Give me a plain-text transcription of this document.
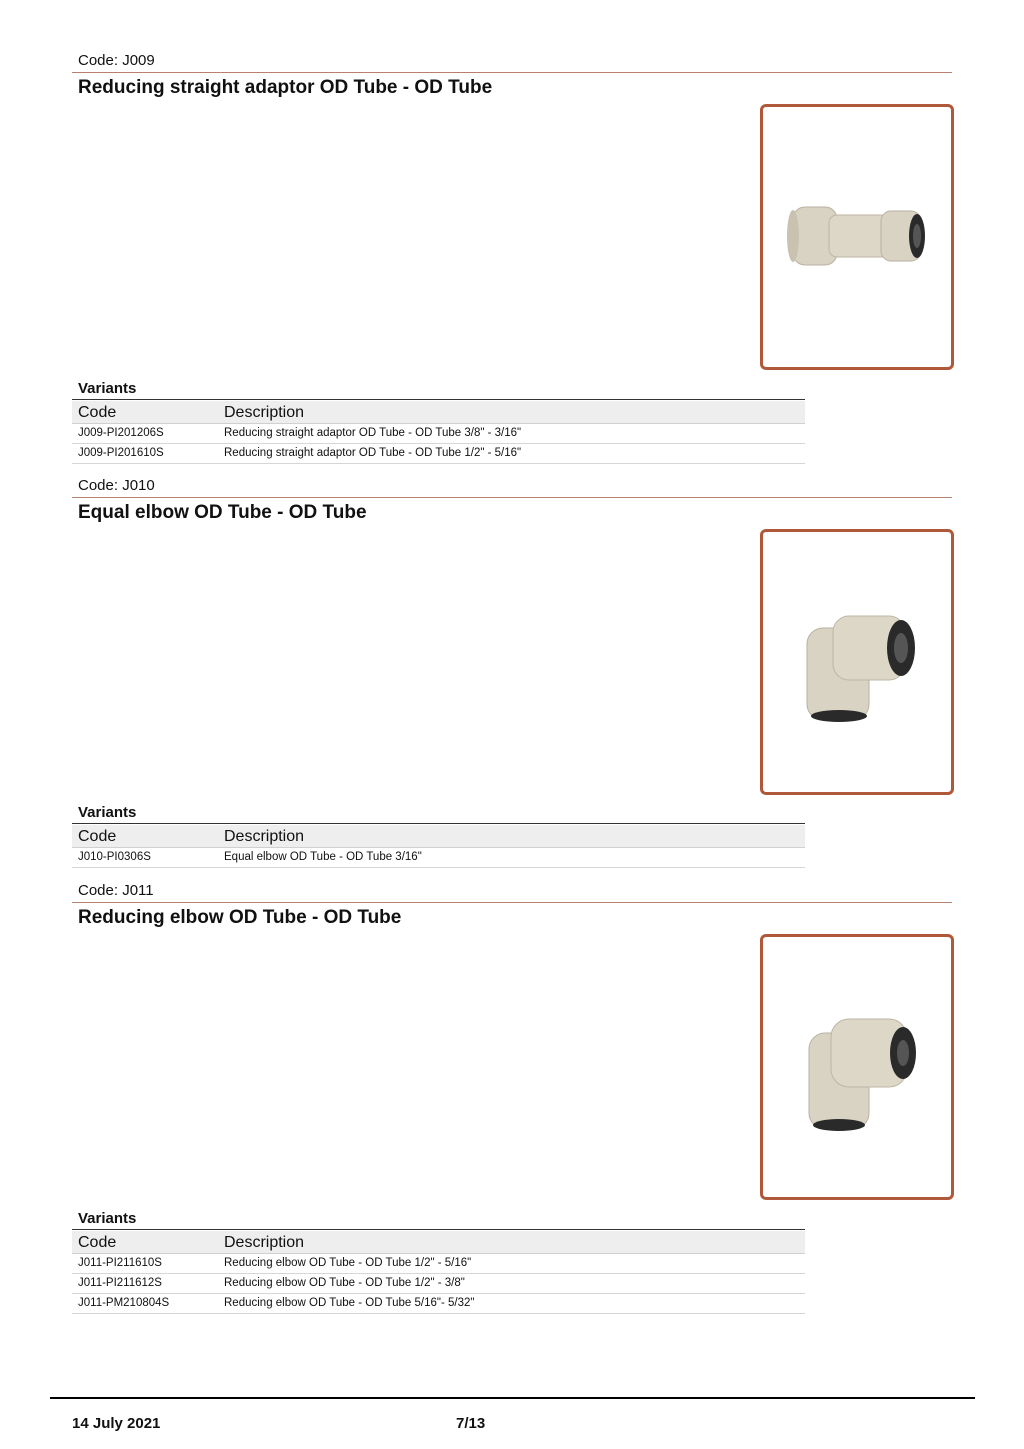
Code: J009
Reducing straight adaptor OD Tube - OD Tube
Variants
Code	Description
J009-PI201206S	Reducing straight adaptor OD Tube - OD Tube 3/8" - 3/16"
J009-PI201610S	Reducing straight adaptor OD Tube - OD Tube 1/2" - 5/16"
Code: J010
Equal elbow OD Tube - OD Tube
Variants
Code	Description
J010-PI0306S	Equal elbow OD Tube - OD Tube 3/16"
Code: J011
Reducing elbow OD Tube - OD Tube
Variants
Code	Description
J011-PI211610S	Reducing elbow OD Tube - OD Tube 1/2" - 5/16"
J011-PI211612S	Reducing elbow OD Tube - OD Tube 1/2" - 3/8"
J011-PM210804S	Reducing elbow OD Tube - OD Tube 5/16"- 5/32"
14 July 2021	7/13
